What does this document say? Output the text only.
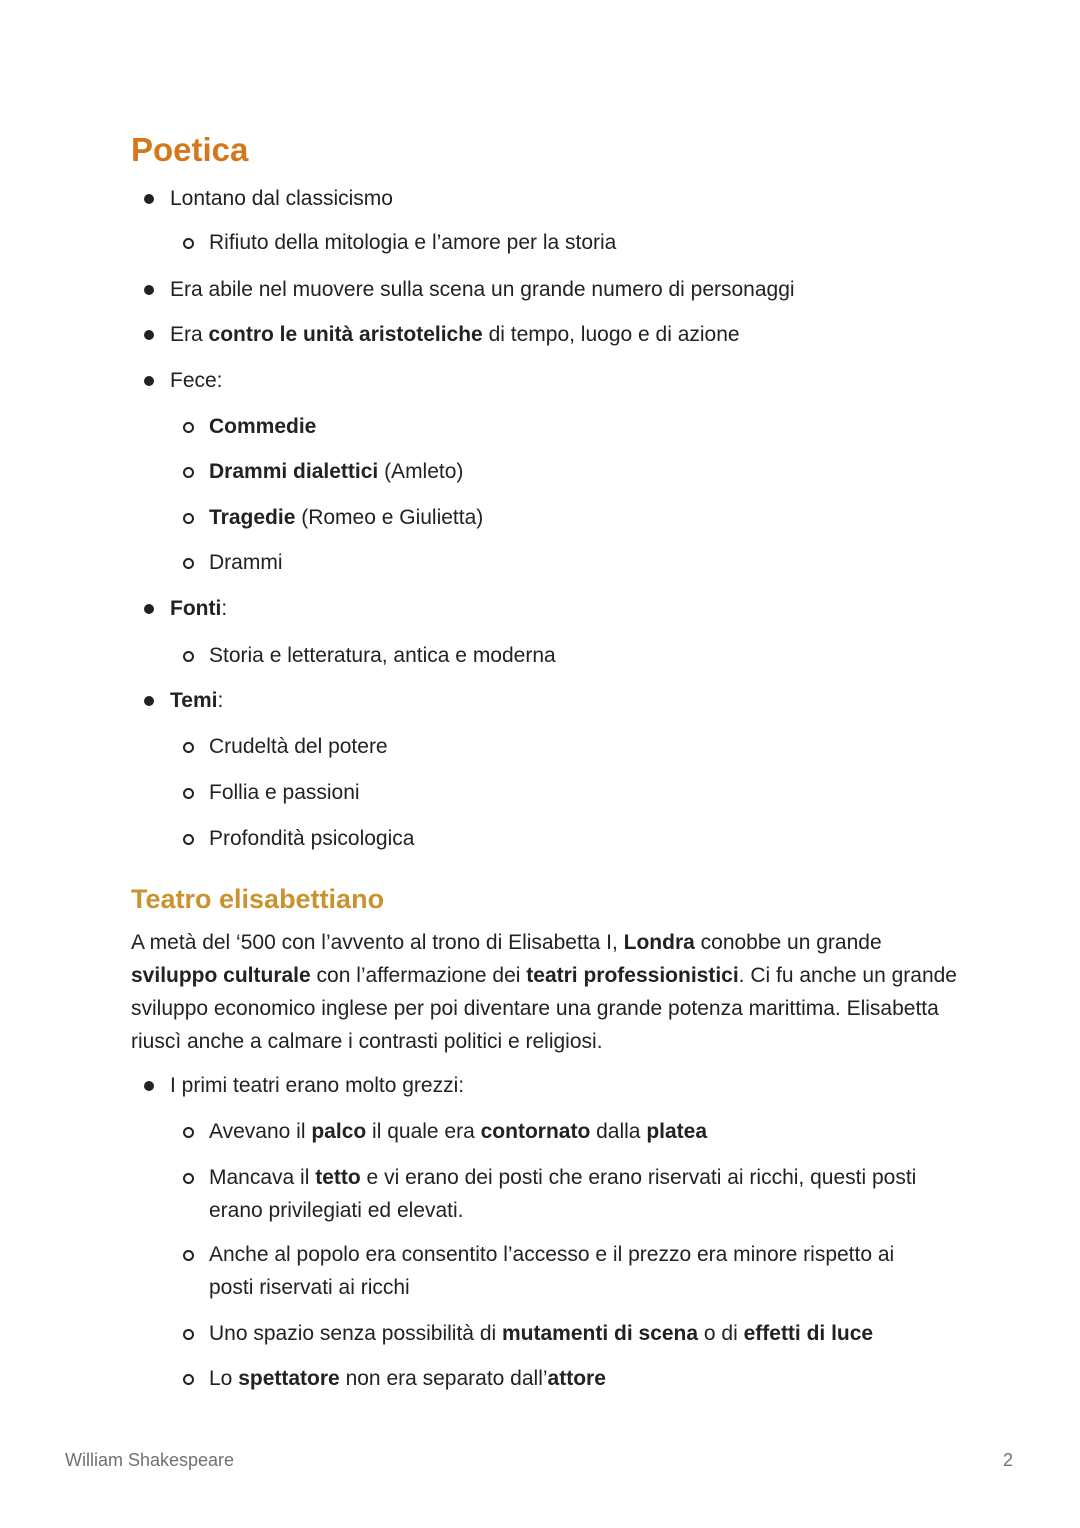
Poetica
Lontano dal classicismo
Rifiuto della mitologia e l’amore per la storia
Era abile nel muovere sulla scena un grande numero di personaggi
Era contro le unità aristoteliche di tempo, luogo e di azione
Fece:
Commedie
Drammi dialettici (Amleto)
Tragedie (Romeo e Giulietta)
Drammi
Fonti:
Storia e letteratura, antica e moderna
Temi:
Crudeltà del potere
Follia e passioni
Profondità psicologica
Teatro elisabettiano

A metà del ‘500 con l’avvento al trono di Elisabetta I, Londra conobbe un grande sviluppo culturale con l’affermazione dei teatri professionistici. Ci fu anche un grande sviluppo economico inglese per poi diventare una grande potenza marittima. Elisabetta riuscì anche a calmare i contrasti politici e religiosi.

I primi teatri erano molto grezzi:
Avevano il palco il quale era contornato dalla platea
Mancava il tetto e vi erano dei posti che erano riservati ai ricchi, questi posti erano privilegiati ed elevati.
Anche al popolo era consentito l’accesso e il prezzo era minore rispetto ai posti riservati ai ricchi
Uno spazio senza possibilità di mutamenti di scena o di effetti di luce
Lo spettatore non era separato dall’attore
William Shakespeare	2
